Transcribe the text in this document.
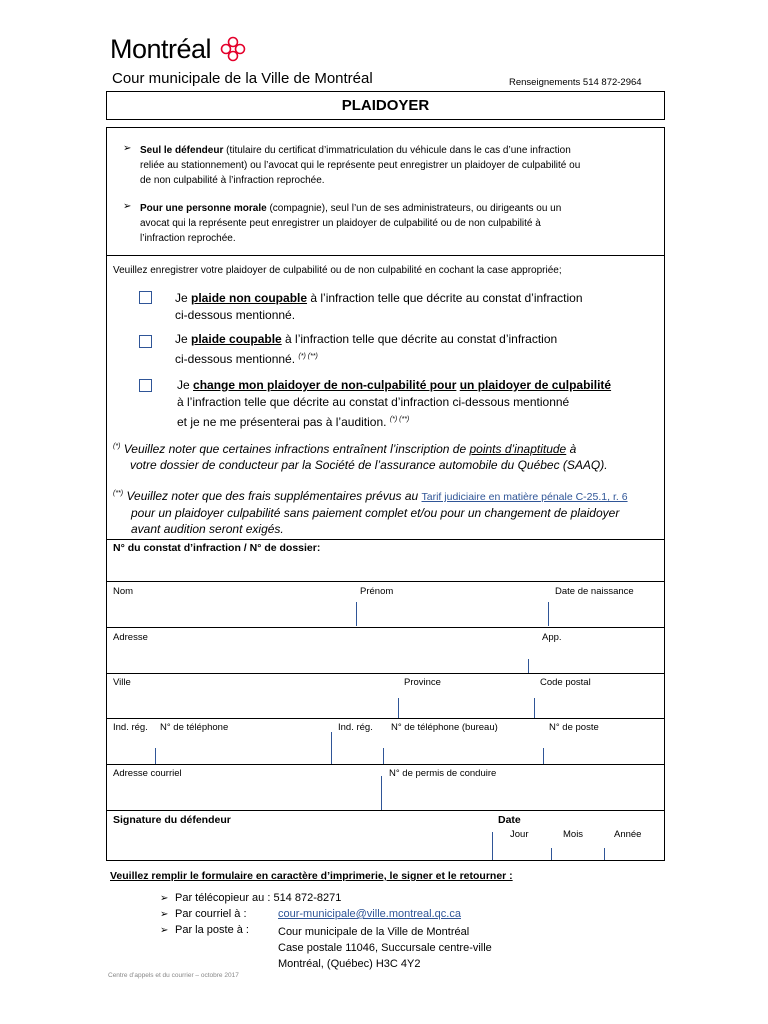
Montréal
Cour municipale de la Ville de Montréal	Renseignements 514 872-2964
PLAIDOYER
➢ Seul le défendeur (titulaire du certificat d’immatriculation du véhicule dans le cas d’une infraction
reliée au stationnement) ou l’avocat qui le représente peut enregistrer un plaidoyer de culpabilité ou
de non culpabilité à l’infraction reprochée.
➢ Pour une personne morale (compagnie), seul l’un de ses administrateurs, ou dirigeants ou un
avocat qui la représente peut enregistrer un plaidoyer de culpabilité ou de non culpabilité à
l’infraction reprochée.
Veuillez enregistrer votre plaidoyer de culpabilité ou de non culpabilité en cochant la case appropriée;
Je plaide non coupable à l’infraction telle que décrite au constat d’infraction
ci-dessous mentionné.
Je plaide coupable à l’infraction telle que décrite au constat d’infraction
ci-dessous mentionné. (*) (**)
Je change mon plaidoyer de non-culpabilité pour un plaidoyer de culpabilité
à l’infraction telle que décrite au constat d’infraction ci-dessous mentionné
et je ne me présenterai pas à l’audition. (*) (**)
(*) Veuillez noter que certaines infractions entraînent l’inscription de points d’inaptitude à
votre dossier de conducteur par la Société de l’assurance automobile du Québec (SAAQ).
(**) Veuillez noter que des frais supplémentaires prévus au Tarif judiciaire en matière pénale C-25.1, r. 6
pour un plaidoyer culpabilité sans paiement complet et/ou pour un changement de plaidoyer
avant audition seront exigés.
N° du constat d’infraction / N° de dossier:
Nom	Prénom	Date de naissance
Adresse	App.
Ville	Province	Code postal
Ind. rég. N° de téléphone	Ind. rég. N° de téléphone (bureau)	N° de poste
Adresse courriel	N° de permis de conduire
Signature du défendeur	Date
Jour	Mois	Année
Veuillez remplir le formulaire en caractère d’imprimerie, le signer et le retourner :
➢ Par télécopieur au : 514 872-8271
➢ Par courriel à :	cour-municipale@ville.montreal.qc.ca
➢ Par la poste à :	Cour municipale de la Ville de Montréal
Case postale 11046, Succursale centre-ville
Montréal, (Québec) H3C 4Y2
Centre d’appels et du courrier – octobre 2017
